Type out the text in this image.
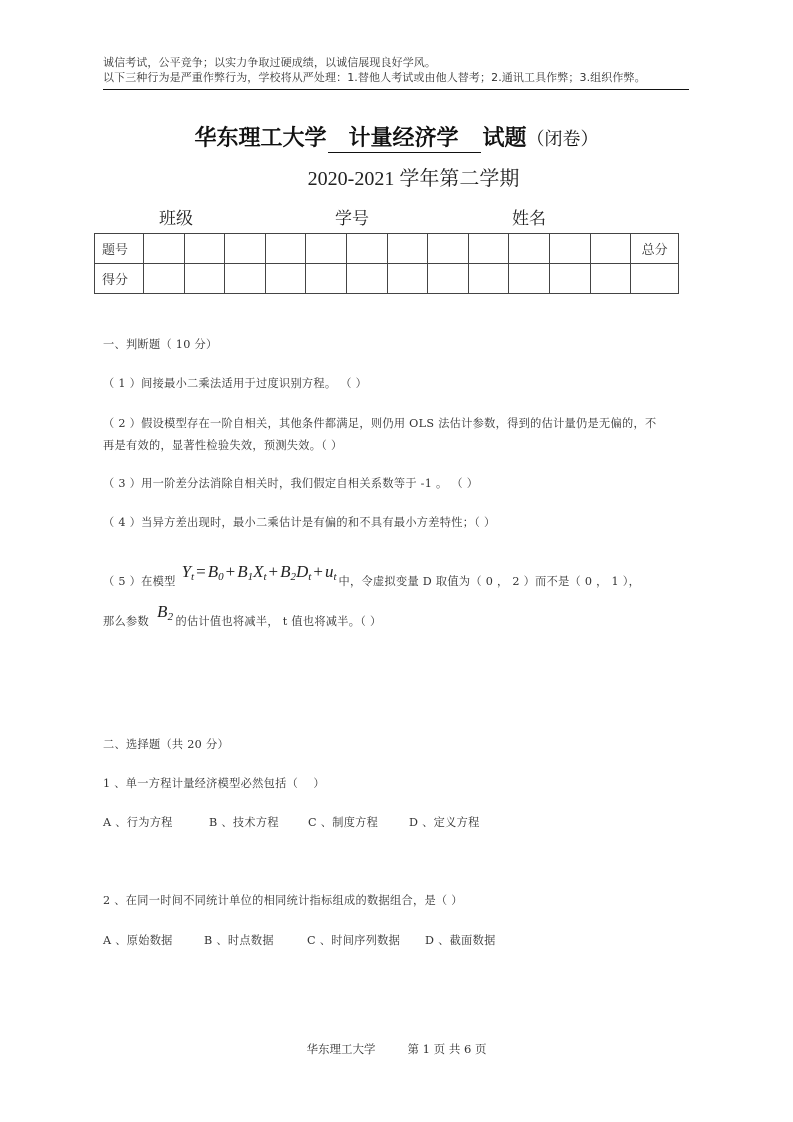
诚信考试，公平竞争；以实力争取过硬成绩，以诚信展现良好学风。
以下三种行为是严重作弊行为，学校将从严处理：1.替他人考试或由他人替考；2.通讯工具作弊；3.组织作弊。
华东理工大学 计量经济学 试题（闭卷）
2020-2021 学年第二学期
班级	学号	姓名
题号													总分
得分													
一、判断题（ 10 分）
（ 1 ）间接最小二乘法适用于过度识别方程。 （ ）
（ 2 ）假设模型存在一阶自相关，其他条件都满足，则仍用 OLS 法估计参数，得到的估计量仍是无偏的，不
再是有效的，显著性检验失效，预测失效。（ ）
（ 3 ）用一阶差分法消除自相关时，我们假定自相关系数等于 -1 。 （ ）
（ 4 ）当异方差出现时，最小二乘估计是有偏的和不具有最小方差特性；（ ）
（ 5 ）在模型$Y_t = B_0 + B_1X_t + B_2D_t + u_t$ 中，令虚拟变量 D 取值为（ 0 ， 2 ）而不是（ 0 ， 1 ），
那么参数$B_2$ 的估计值也将减半， t 值也将减半。（ ）
二、选择题（共 20 分）
1 、单一方程计量经济模型必然包括（　 ）
A 、行为方程	B 、技术方程	C 、制度方程	D 、定义方程
2 、在同一时间不同统计单位的相同统计指标组成的数据组合，是（ ）
A 、原始数据	B 、时点数据	C 、时间序列数据 D 、截面数据
华东理工大学	第 1 页 共 6 页
